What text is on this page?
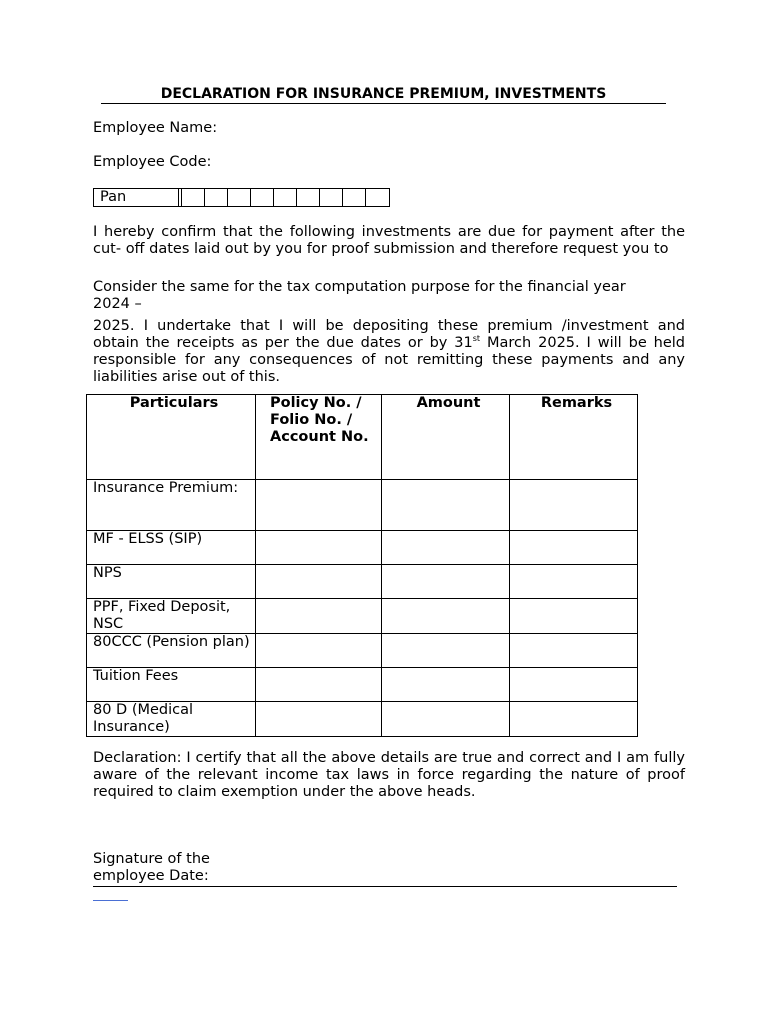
DECLARATION FOR INSURANCE PREMIUM, INVESTMENTS
Employee Name:
Employee Code:
Pan
I hereby confirm that the following investments are due for payment after the cut- off dates laid out by you for proof submission and therefore request you to
Consider the same for the tax computation purpose for the financial year
2024 –
2025. I undertake that I will be depositing these premium /investment and obtain the receipts as per the due dates or by 31st March 2025. I will be held responsible for any consequences of not remitting these payments and any liabilities arise out of this.
Particulars	Policy No. / Folio No. / Account No.	Amount	Remarks
Insurance Premium:			
MF - ELSS (SIP)			
NPS			
PPF, Fixed Deposit, NSC			
80CCC (Pension plan)			
Tuition Fees			
80 D (Medical Insurance)			
Declaration: I certify that all the above details are true and correct and I am fully aware of the relevant income tax laws in force regarding the nature of proof required to claim exemption under the above heads.
Signature of the
employee Date:
